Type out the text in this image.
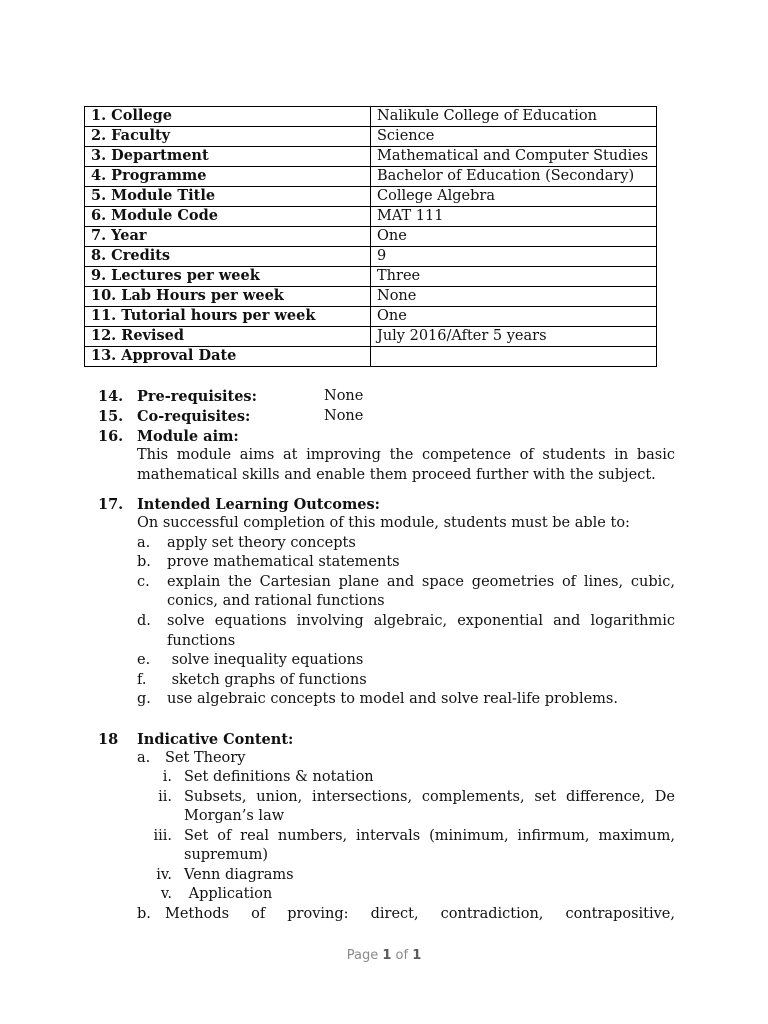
1. College	Nalikule College of Education
2. Faculty	Science
3. Department	Mathematical and Computer Studies
4. Programme	Bachelor of Education (Secondary)
5. Module Title	College Algebra
6. Module Code	MAT 111
7. Year	One
8. Credits	9
9. Lectures per week	Three
10. Lab Hours per week	None
11. Tutorial hours per week	One
12. Revised	July 2016/After 5 years
13. Approval Date	
14. Pre-requisites:	None
15. Co-requisites:	None
16. Module aim:
This module aims at improving the competence of students in basic
mathematical skills and enable them proceed further with the subject.
17. Intended Learning Outcomes:
On successful completion of this module, students must be able to:
a. apply set theory concepts
b. prove mathematical statements
c. explain the Cartesian plane and space geometries of lines, cubic,
conics, and rational functions
d. solve equations involving algebraic, exponential and logarithmic
functions
e. solve inequality equations
f. sketch graphs of functions
g. use algebraic concepts to model and solve real-life problems.
18 Indicative Content:
a. Set Theory
i. Set definitions & notation
ii. Subsets, union, intersections, complements, set difference, De
Morgan’s law
iii. Set of real numbers, intervals (minimum, infirmum, maximum,
supremum)
iv. Venn diagrams
v. Application
b. Methods of proving: direct, contradiction, contrapositive,
Page 1 of 1
